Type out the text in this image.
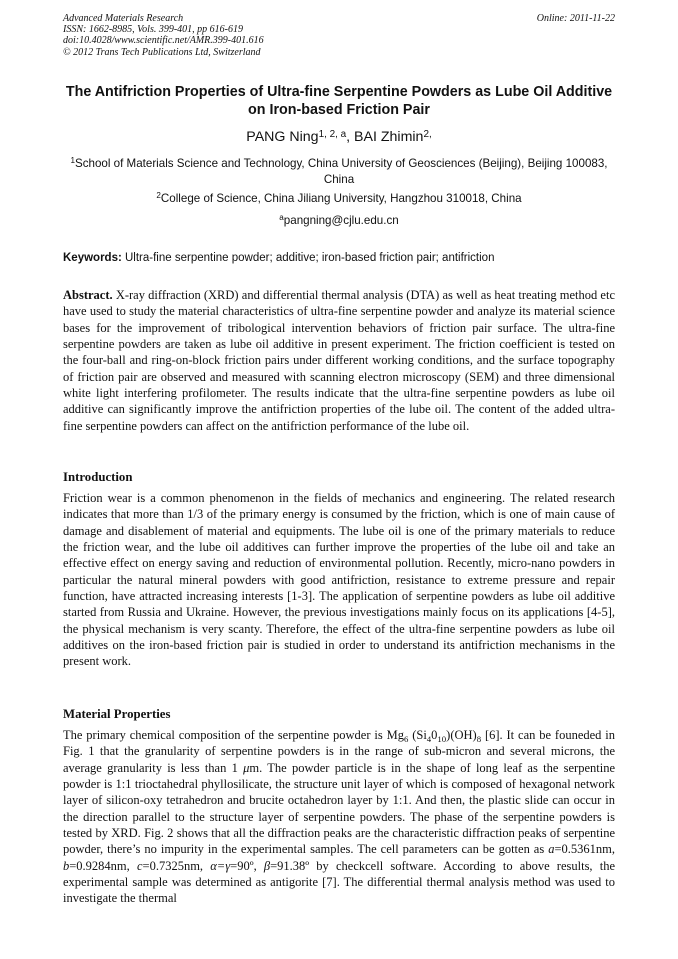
Advanced Materials Research
ISSN: 1662-8985, Vols. 399-401, pp 616-619
doi:10.4028/www.scientific.net/AMR.399-401.616
© 2012 Trans Tech Publications Ltd, Switzerland
Online: 2011-11-22
The Antifriction Properties of Ultra-fine Serpentine Powders as Lube Oil Additive on Iron-based Friction Pair
PANG Ning$^{1, 2, a}$, BAI Zhimin$^{2,}$
$^1$School of Materials Science and Technology, China University of Geosciences (Beijing), Beijing 100083, China
$^2$College of Science, China Jiliang University, Hangzhou 310018, China
$^a$pangning@cjlu.edu.cn
Keywords: Ultra-fine serpentine powder; additive; iron-based friction pair; antifriction
Abstract. X-ray diffraction (XRD) and differential thermal analysis (DTA) as well as heat treating method etc have used to study the material characteristics of ultra-fine serpentine powder and analyze its material science bases for the improvement of tribological intervention behaviors of friction pair surface. The ultra-fine serpentine powders are taken as lube oil additive in present experiment. The friction coefficient is tested on the four-ball and ring-on-block friction pairs under different working conditions, and the surface topography of friction pair are observed and measured with scanning electron microscopy (SEM) and three dimensional white light interfering profilometer. The results indicate that the ultra-fine serpentine powders as lube oil additive can significantly improve the antifriction properties of the lube oil. The content of the added ultra-fine serpentine powders can affect on the antifriction performance of the lube oil.
Introduction
Friction wear is a common phenomenon in the fields of mechanics and engineering. The related research indicates that more than 1/3 of the primary energy is consumed by the friction, which is one of main cause of damage and disablement of material and equipments. The lube oil is one of the primary materials to reduce the friction wear, and the lube oil additives can further improve the properties of the lube oil and take an effective effect on energy saving and reduction of environmental pollution. Recently, micro-nano powders in particular the natural mineral powders with good antifriction, resistance to extreme pressure and repair function, have attracted increasing interests [1-3]. The application of serpentine powders as lube oil additive started from Russia and Ukraine. However, the previous investigations mainly focus on its applications [4-5], the physical mechanism is very scanty. Therefore, the effect of the ultra-fine serpentine powders as lube oil additives on the iron-based friction pair is studied in order to understand its antifriction mechanisms in the present work.
Material Properties
The primary chemical composition of the serpentine powder is $Mg_6$ $(Si_40_{10})(OH)_8$ [6]. It can be founeded in Fig. 1 that the granularity of serpentine powders is in the range of sub-micron and several microns, the average granularity is less than 1 μm. The powder particle is in the shape of long leaf as the serpentine powder is 1:1 trioctahedral phyllosilicate, the structure unit layer of which is composed of hexagonal network layer of silicon-oxy tetrahedron and brucite octahedron layer by 1:1. And then, the plastic slide can occur in the direction parallel to the structure layer of serpentine powders. The phase of the serpentine powders is tested by XRD. Fig. 2 shows that all the diffraction peaks are the characteristic diffraction peaks of serpentine powder, there’s no impurity in the experimental samples. The cell parameters can be gotten as a=0.5361nm, b=0.9284nm, c=0.7325nm, α=γ=90º, β=91.38º by checkcell software. According to above results, the experimental sample was determined as antigorite [7]. The differential thermal analysis method was used to investigate the thermal
